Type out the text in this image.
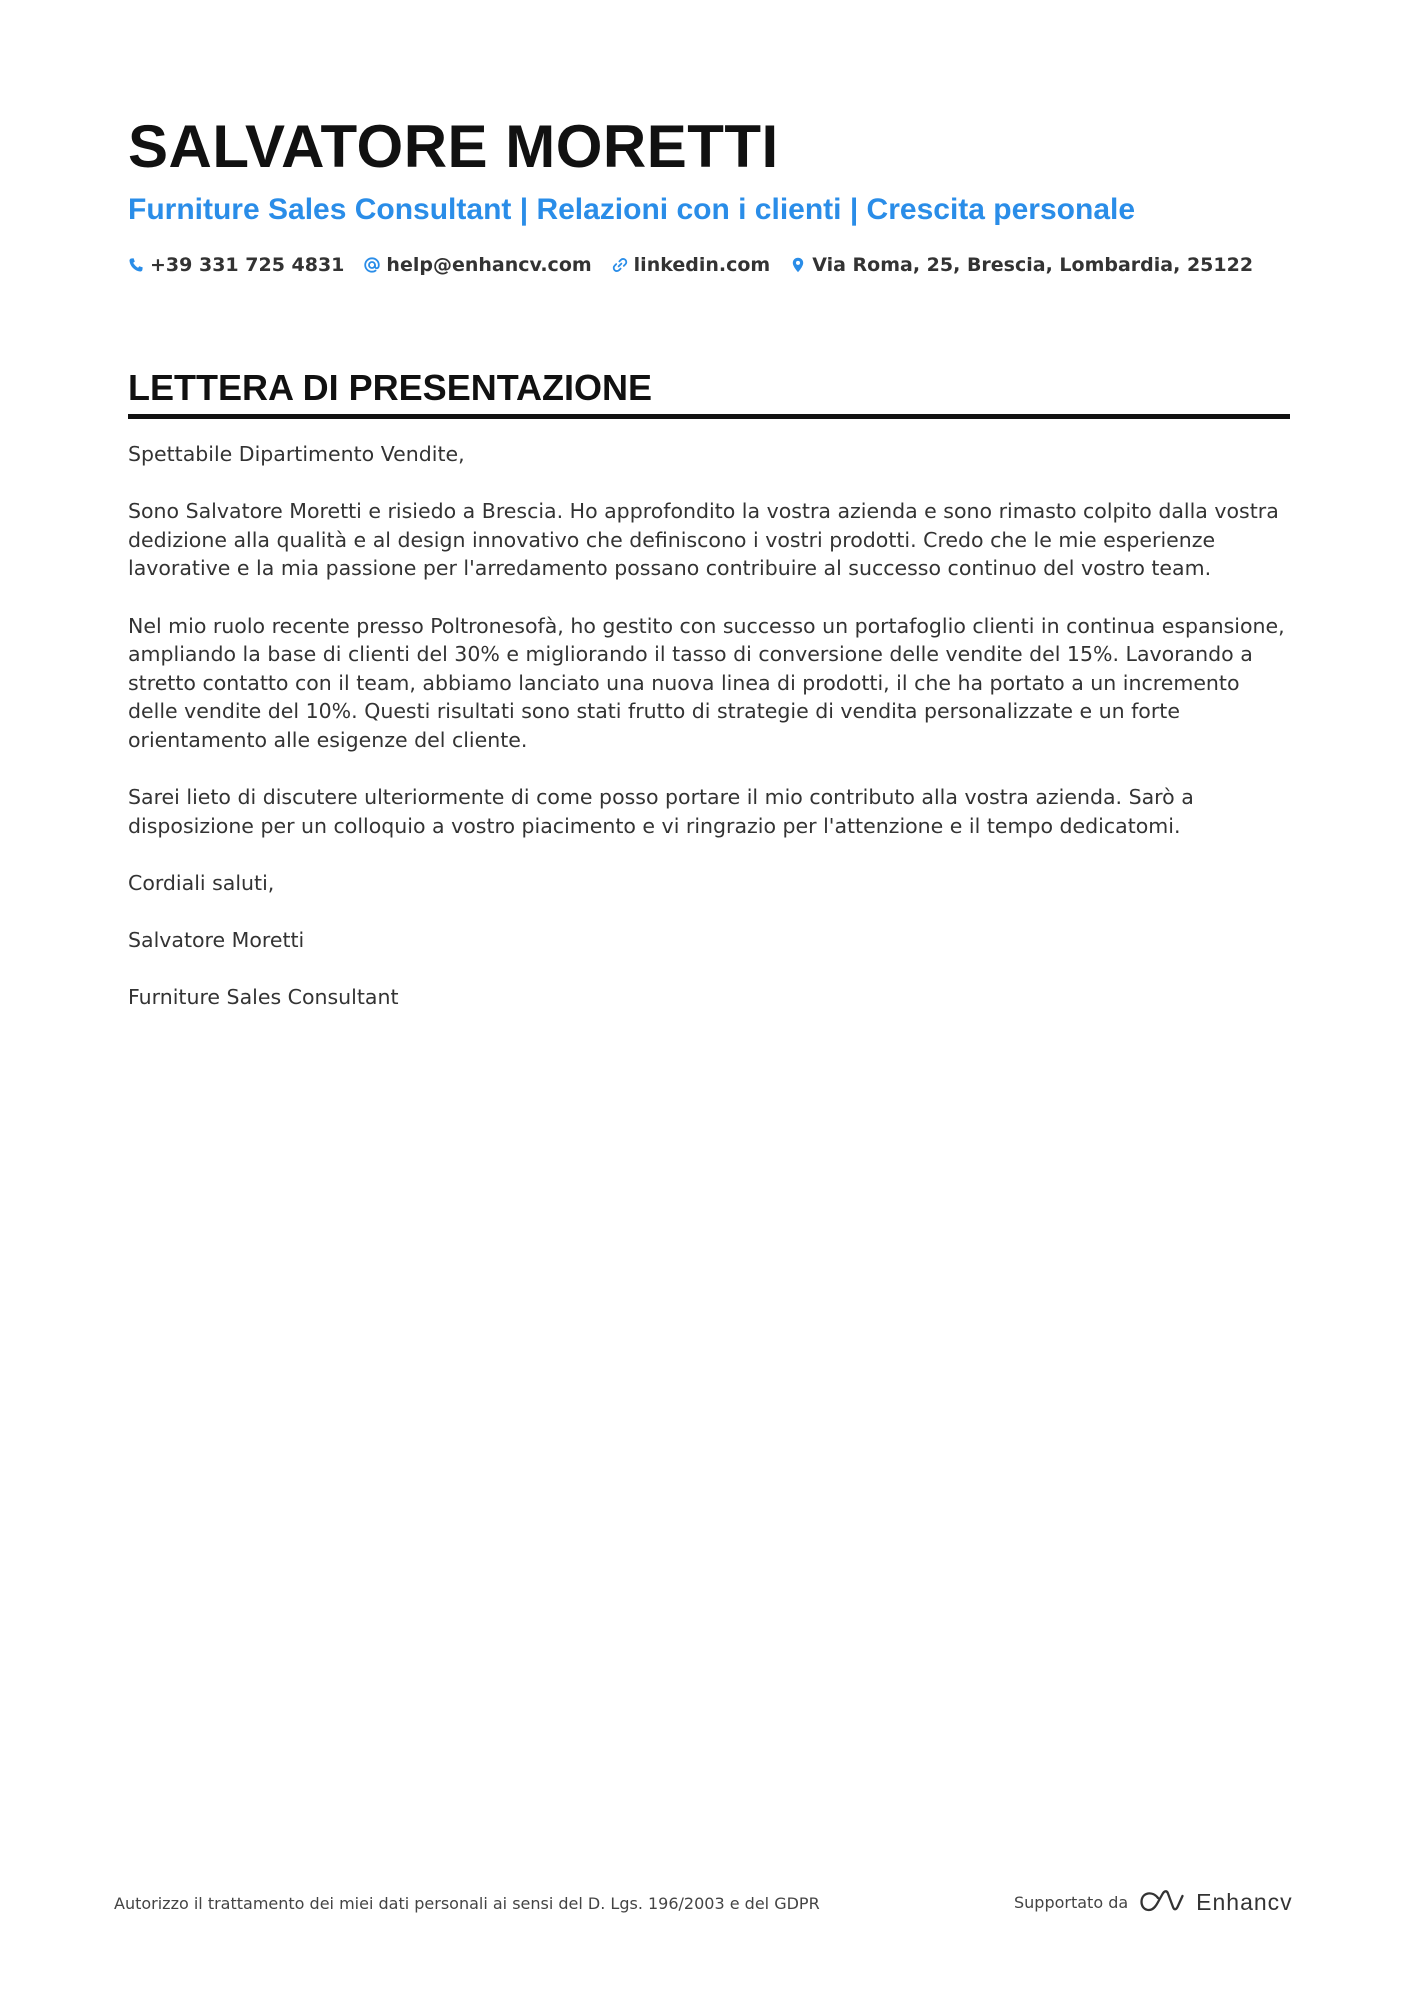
SALVATORE MORETTI
Furniture Sales Consultant | Relazioni con i clienti | Crescita personale
+39 331 725 4831 help@enhancv.com linkedin.com Via Roma, 25, Brescia, Lombardia, 25122
LETTERA DI PRESENTAZIONE

Spettabile Dipartimento Vendite,

Sono Salvatore Moretti e risiedo a Brescia. Ho approfondito la vostra azienda e sono rimasto colpito dalla vostra dedizione alla qualità e al design innovativo che definiscono i vostri prodotti. Credo che le mie esperienze lavorative e la mia passione per l'arredamento possano contribuire al successo continuo del vostro team.

Nel mio ruolo recente presso Poltronesofà, ho gestito con successo un portafoglio clienti in continua espansione, ampliando la base di clienti del 30% e migliorando il tasso di conversione delle vendite del 15%. Lavorando a stretto contatto con il team, abbiamo lanciato una nuova linea di prodotti, il che ha portato a un incremento delle vendite del 10%. Questi risultati sono stati frutto di strategie di vendita personalizzate e un forte orientamento alle esigenze del cliente.

Sarei lieto di discutere ulteriormente di come posso portare il mio contributo alla vostra azienda. Sarò a disposizione per un colloquio a vostro piacimento e vi ringrazio per l'attenzione e il tempo dedicatomi.

Cordiali saluti,

Salvatore Moretti

Furniture Sales Consultant

Autorizzo il trattamento dei miei dati personali ai sensi del D. Lgs. 196/2003 e del GDPR	Supportato da	Enhancv
